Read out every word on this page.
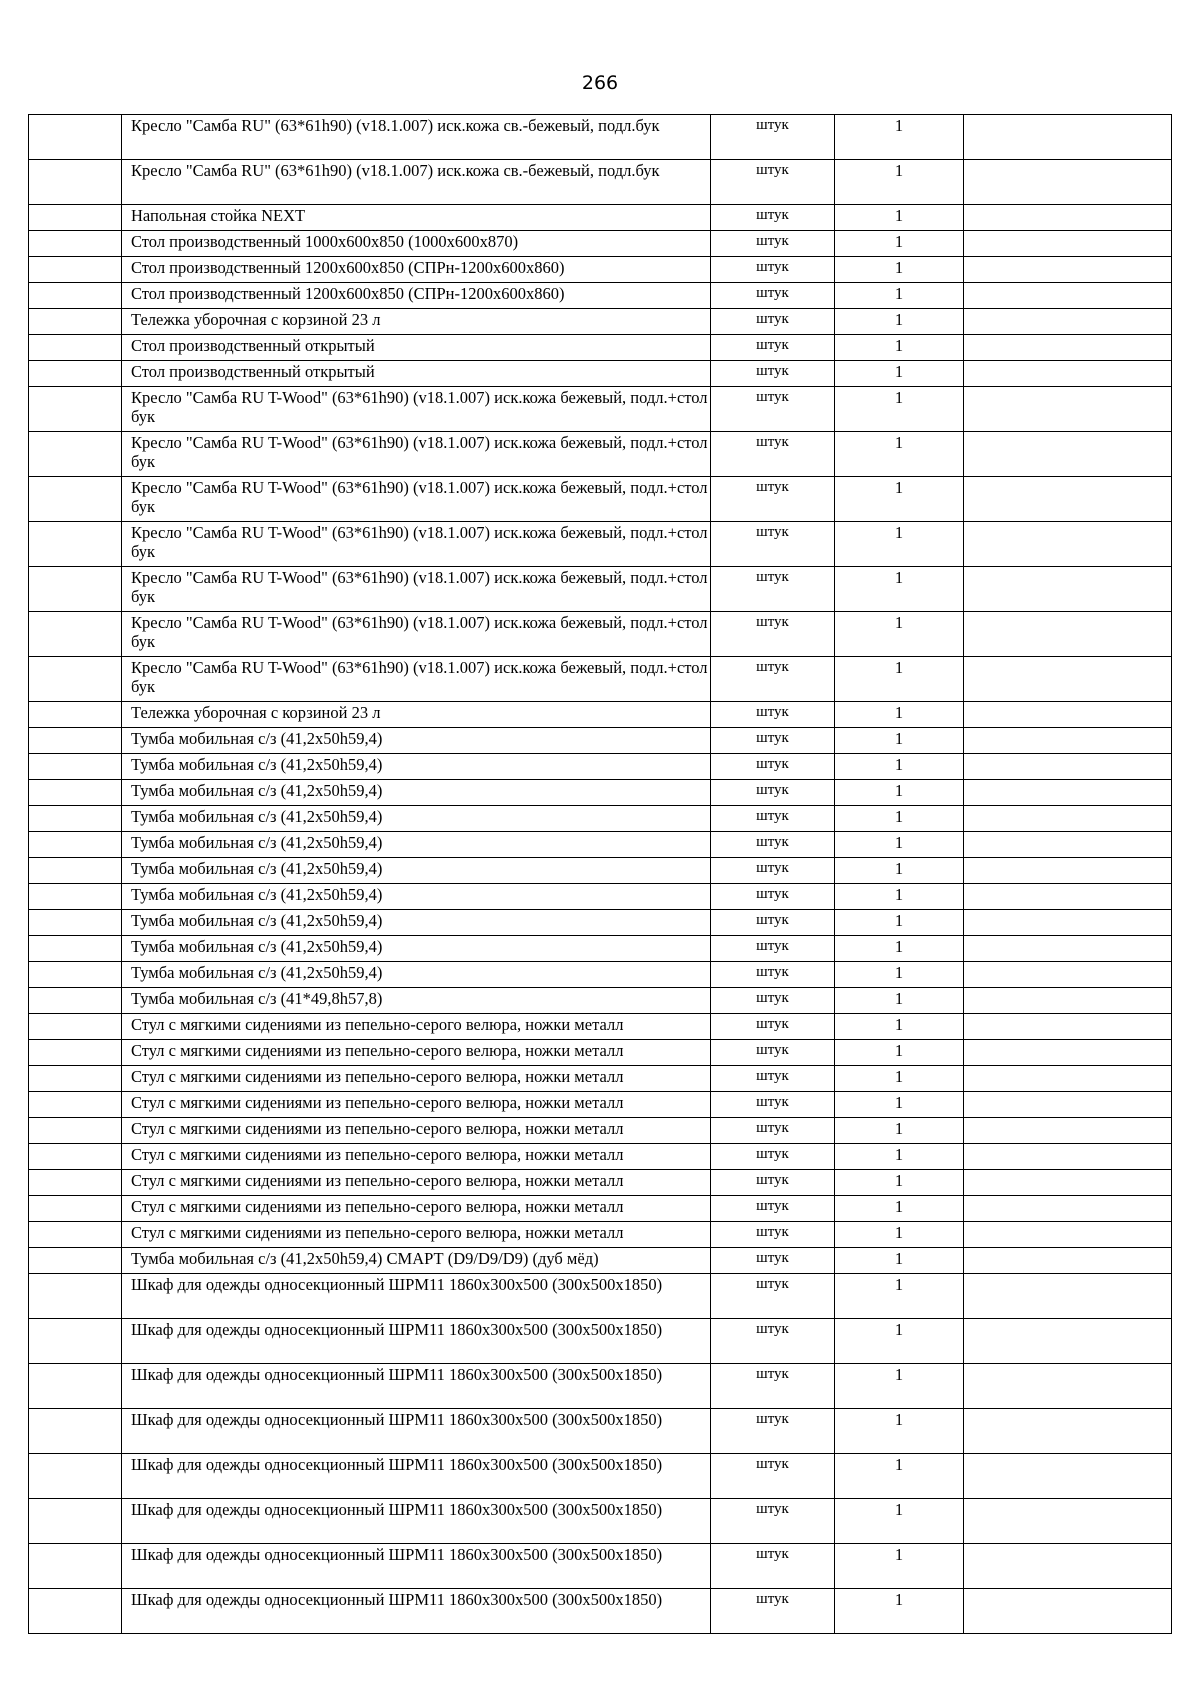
266
	Кресло "Самба RU" (63*61h90) (v18.1.007) иск.кожа св.-бежевый, подл.бук	штук	1	
	Кресло "Самба RU" (63*61h90) (v18.1.007) иск.кожа св.-бежевый, подл.бук	штук	1	
	Напольная стойка NEXT	штук	1	
	Стол производственный 1000х600х850 (1000х600х870)	штук	1	
	Стол производственный 1200х600х850 (СПРн-1200х600х860)	штук	1	
	Стол производственный 1200х600х850 (СПРн-1200х600х860)	штук	1	
	Тележка уборочная с корзиной 23 л	штук	1	
	Стол производственный открытый	штук	1	
	Стол производственный открытый	штук	1	
	Кресло "Самба RU T-Wood" (63*61h90) (v18.1.007) иск.кожа бежевый, подл.+стол бук	штук	1	
	Кресло "Самба RU T-Wood" (63*61h90) (v18.1.007) иск.кожа бежевый, подл.+стол бук	штук	1	
	Кресло "Самба RU T-Wood" (63*61h90) (v18.1.007) иск.кожа бежевый, подл.+стол бук	штук	1	
	Кресло "Самба RU T-Wood" (63*61h90) (v18.1.007) иск.кожа бежевый, подл.+стол бук	штук	1	
	Кресло "Самба RU T-Wood" (63*61h90) (v18.1.007) иск.кожа бежевый, подл.+стол бук	штук	1	
	Кресло "Самба RU T-Wood" (63*61h90) (v18.1.007) иск.кожа бежевый, подл.+стол бук	штук	1	
	Кресло "Самба RU T-Wood" (63*61h90) (v18.1.007) иск.кожа бежевый, подл.+стол бук	штук	1	
	Тележка уборочная с корзиной 23 л	штук	1	
	Тумба мобильная с/з (41,2х50h59,4)	штук	1	
	Тумба мобильная с/з (41,2х50h59,4)	штук	1	
	Тумба мобильная с/з (41,2х50h59,4)	штук	1	
	Тумба мобильная с/з (41,2х50h59,4)	штук	1	
	Тумба мобильная с/з (41,2х50h59,4)	штук	1	
	Тумба мобильная с/з (41,2х50h59,4)	штук	1	
	Тумба мобильная с/з (41,2х50h59,4)	штук	1	
	Тумба мобильная с/з (41,2х50h59,4)	штук	1	
	Тумба мобильная с/з (41,2х50h59,4)	штук	1	
	Тумба мобильная с/з (41,2х50h59,4)	штук	1	
	Тумба мобильная с/з (41*49,8h57,8)	штук	1	
	Стул с мягкими сидениями из пепельно-серого велюра, ножки металл	штук	1	
	Стул с мягкими сидениями из пепельно-серого велюра, ножки металл	штук	1	
	Стул с мягкими сидениями из пепельно-серого велюра, ножки металл	штук	1	
	Стул с мягкими сидениями из пепельно-серого велюра, ножки металл	штук	1	
	Стул с мягкими сидениями из пепельно-серого велюра, ножки металл	штук	1	
	Стул с мягкими сидениями из пепельно-серого велюра, ножки металл	штук	1	
	Стул с мягкими сидениями из пепельно-серого велюра, ножки металл	штук	1	
	Стул с мягкими сидениями из пепельно-серого велюра, ножки металл	штук	1	
	Стул с мягкими сидениями из пепельно-серого велюра, ножки металл	штук	1	
	Тумба мобильная с/з (41,2х50h59,4) СМАРТ (D9/D9/D9) (дуб мёд)	штук	1	
	Шкаф для одежды односекционный ШРМ11 1860х300х500 (300х500х1850)	штук	1	
	Шкаф для одежды односекционный ШРМ11 1860х300х500 (300х500х1850)	штук	1	
	Шкаф для одежды односекционный ШРМ11 1860х300х500 (300х500х1850)	штук	1	
	Шкаф для одежды односекционный ШРМ11 1860х300х500 (300х500х1850)	штук	1	
	Шкаф для одежды односекционный ШРМ11 1860х300х500 (300х500х1850)	штук	1	
	Шкаф для одежды односекционный ШРМ11 1860х300х500 (300х500х1850)	штук	1	
	Шкаф для одежды односекционный ШРМ11 1860х300х500 (300х500х1850)	штук	1	
	Шкаф для одежды односекционный ШРМ11 1860х300х500 (300х500х1850)	штук	1	
